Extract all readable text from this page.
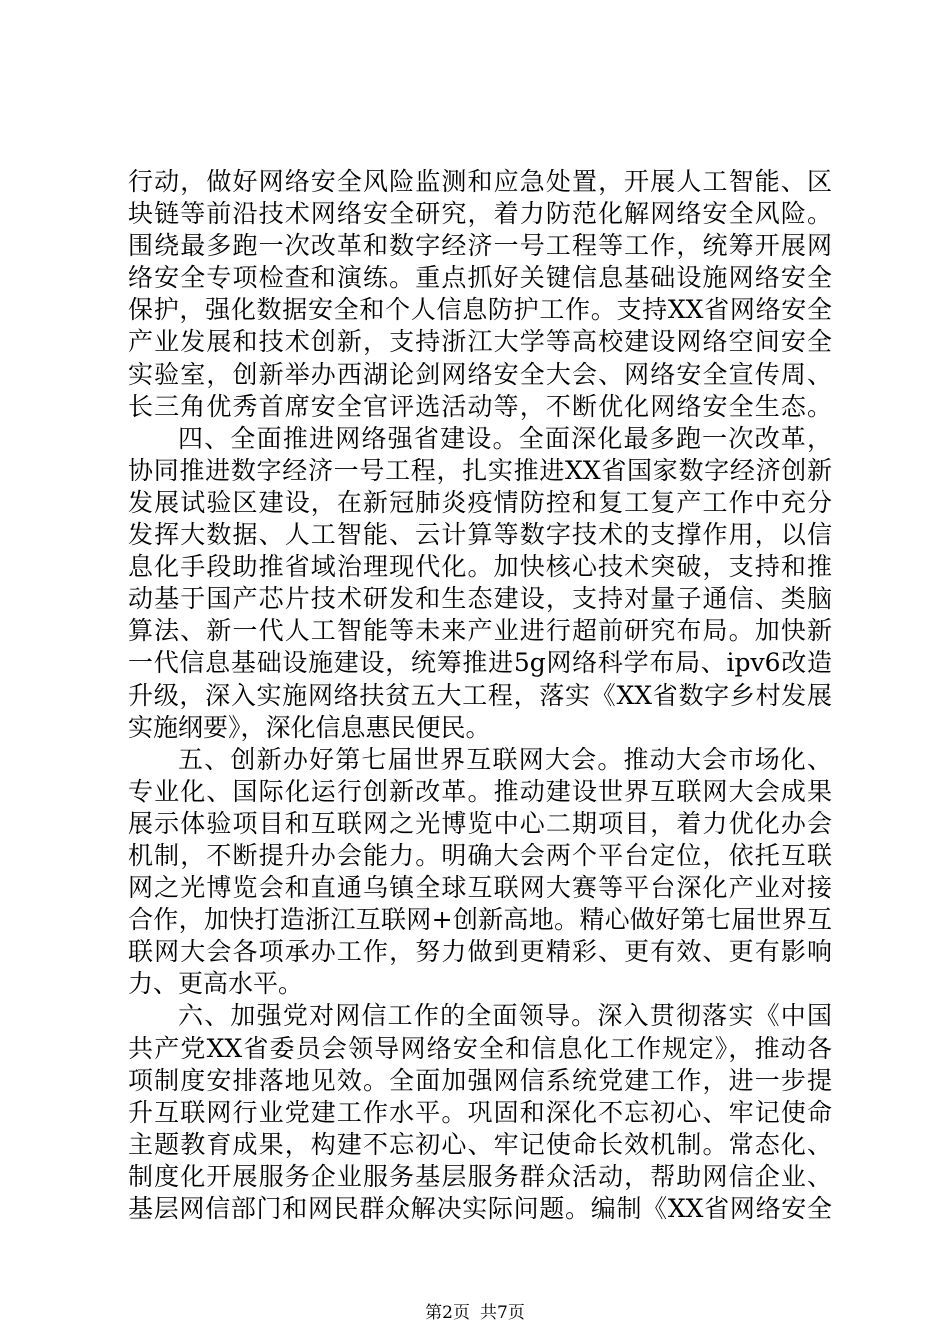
行动，做好网络安全风险监测和应急处置，开展人工智能、区
块链等前沿技术网络安全研究，着力防范化解网络安全风险。
围绕最多跑一次改革和数字经济一号工程等工作，统筹开展网
络安全专项检查和演练。重点抓好关键信息基础设施网络安全
保护，强化数据安全和个人信息防护工作。支持XX省网络安全
产业发展和技术创新，支持浙江大学等高校建设网络空间安全
实验室，创新举办西湖论剑网络安全大会、网络安全宣传周、
长三角优秀首席安全官评选活动等，不断优化网络安全生态。
四、全面推进网络强省建设。全面深化最多跑一次改革，
协同推进数字经济一号工程，扎实推进XX省国家数字经济创新
发展试验区建设，在新冠肺炎疫情防控和复工复产工作中充分
发挥大数据、人工智能、云计算等数字技术的支撑作用，以信
息化手段助推省域治理现代化。加快核心技术突破，支持和推
动基于国产芯片技术研发和生态建设，支持对量子通信、类脑
算法、新一代人工智能等未来产业进行超前研究布局。加快新
一代信息基础设施建设，统筹推进5g网络科学布局、ipv6改造
升级，深入实施网络扶贫五大工程，落实《XX省数字乡村发展
实施纲要》，深化信息惠民便民。
五、创新办好第七届世界互联网大会。推动大会市场化、
专业化、国际化运行创新改革。推动建设世界互联网大会成果
展示体验项目和互联网之光博览中心二期项目，着力优化办会
机制，不断提升办会能力。明确大会两个平台定位，依托互联
网之光博览会和直通乌镇全球互联网大赛等平台深化产业对接
合作，加快打造浙江互联网+创新高地。精心做好第七届世界互
联网大会各项承办工作，努力做到更精彩、更有效、更有影响
力、更高水平。
六、加强党对网信工作的全面领导。深入贯彻落实《中国
共产党XX省委员会领导网络安全和信息化工作规定》，推动各
项制度安排落地见效。全面加强网信系统党建工作，进一步提
升互联网行业党建工作水平。巩固和深化不忘初心、牢记使命
主题教育成果，构建不忘初心、牢记使命长效机制。常态化、
制度化开展服务企业服务基层服务群众活动，帮助网信企业、
基层网信部门和网民群众解决实际问题。编制《XX省网络安全
第2页 共7页
